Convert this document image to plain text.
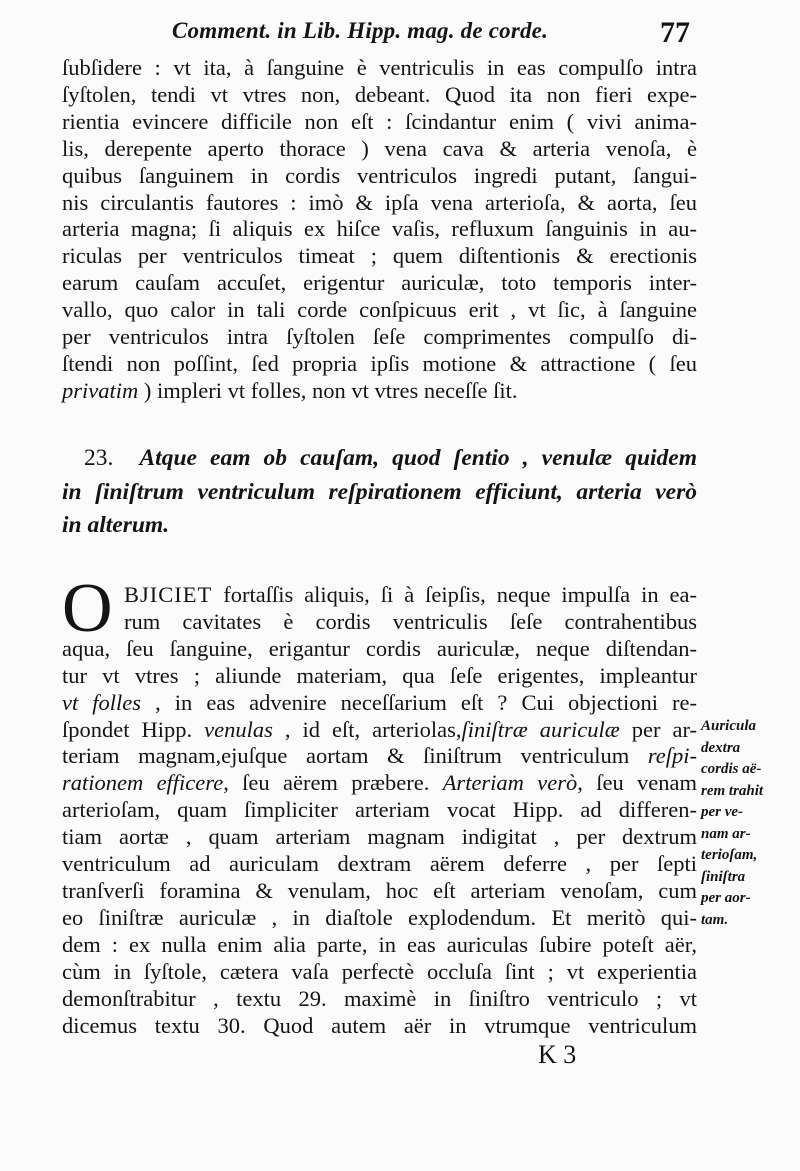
Comment. in Lib. Hipp. mag. de corde.	77
ſubſidere : vt ita, à ſanguine è ventriculis in eas compulſo intra
ſyſtolen, tendi vt vtres non, debeant. Quod ita non fieri expe-
rientia evincere difficile non eſt : ſcindantur enim ( vivi anima-
lis, derepente aperto thorace ) vena cava & arteria venoſa, è
quibus ſanguinem in cordis ventriculos ingredi putant, ſangui-
nis circulantis fautores : imò & ipſa vena arterioſa, & aorta, ſeu
arteria magna; ſi aliquis ex hiſce vaſis, refluxum ſanguinis in au-
riculas per ventriculos timeat ; quem diſtentionis & erectionis
earum cauſam accuſet, erigentur auriculæ, toto temporis inter-
vallo, quo calor in tali corde conſpicuus erit , vt ſic, à ſanguine
per ventriculos intra ſyſtolen ſeſe comprimentes compulſo di-
ſtendi non poſſint, ſed propria ipſis motione & attractione ( ſeu
privatim ) impleri vt folles, non vt vtres neceſſe ſit.
23. Atque eam ob cauſam, quod ſentio , venulæ quidem
in ſiniſtrum ventriculum reſpirationem efficiunt, arteria verò
in alterum.
O BJICIET fortaſſis aliquis, ſi à ſeipſis, neque impulſa in ea-
rum cavitates è cordis ventriculis ſeſe contrahentibus
aqua, ſeu ſanguine, erigantur cordis auriculæ, neque diſtendan-
tur vt vtres ; aliunde materiam, qua ſeſe erigentes, impleantur
vt folles , in eas advenire neceſſarium eſt ? Cui objectioni re-
ſpondet Hipp. venulas , id eſt, arteriolas,ſiniſtræ auriculæ per ar-
teriam magnam,ejuſque aortam & ſiniſtrum ventriculum reſpi-
rationem efficere, ſeu aërem præbere. Arteriam verò, ſeu venam
arterioſam, quam ſimpliciter arteriam vocat Hipp. ad differen-
tiam aortæ , quam arteriam magnam indigitat , per dextrum
ventriculum ad auriculam dextram aërem deferre , per ſepti
tranſverſi foramina & venulam, hoc eſt arteriam venoſam, cum
eo ſiniſtræ auriculæ , in diaſtole explodendum. Et meritò qui-
dem : ex nulla enim alia parte, in eas auriculas ſubire poteſt aër,
cùm in ſyſtole, cætera vaſa perfectè occluſa ſint ; vt experientia
demonſtrabitur , textu 29. maximè in ſiniſtro ventriculo ; vt
dicemus textu 30. Quod autem aër in vtrumque ventriculum
Auricula
dextra
cordis aë-
rem trahit
per ve-
nam ar-
terioſam,
ſiniſtra
per aor-
tam.
K 3
